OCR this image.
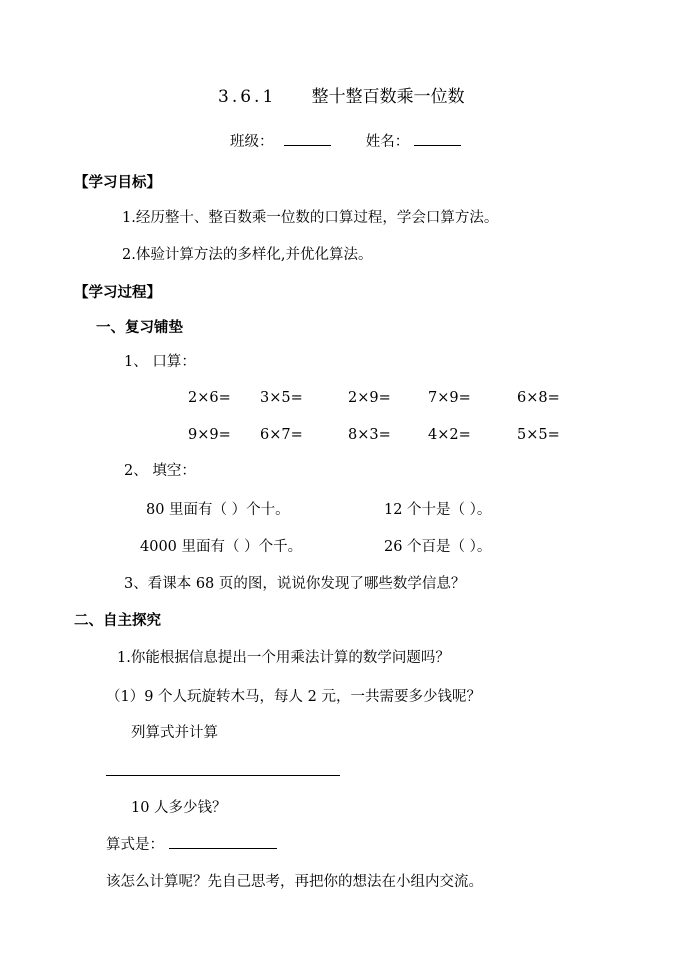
3.6.1 整十整百数乘一位数
班级：	姓名：
【学习目标】
1.经历整十、整百数乘一位数的口算过程，学会口算方法。
2.体验计算方法的多样化,并优化算法。
【学习过程】
一、复习铺垫
1、 口算：
2×6= 3×5=	2×9=	7×9=	6×8=
9×9= 6×7=	8×3=	4×2=	5×5=
2、 填空：
80 里面有（ ）个十。	12 个十是（ ）。
4000 里面有（ ）个千。	26 个百是（ ）。
3、看课本 68 页的图，说说你发现了哪些数学信息？
二、自主探究
1.你能根据信息提出一个用乘法计算的数学问题吗？
（1）9 个人玩旋转木马，每人 2 元，一共需要多少钱呢？
列算式并计算
10 人多少钱？
算式是：
该怎么计算呢？先自己思考，再把你的想法在小组内交流。
